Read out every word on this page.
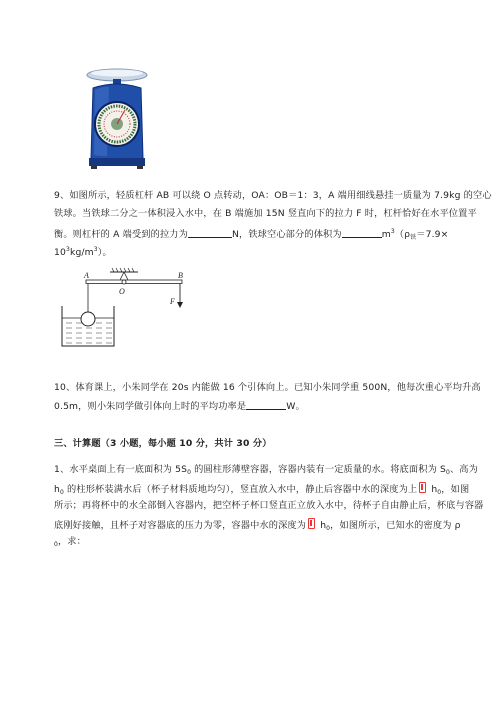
9、如图所示，轻质杠杆 AB 可以绕 O 点转动，OA：OB＝1：3，A 端用细线悬挂一质量为 7.9kg 的空心
铁球。当铁球二分之一体积浸入水中，在 B 端施加 15N 竖直向下的拉力 F 时，杠杆恰好在水平位置平
衡。则杠杆的 A 端受到的拉力为	N，铁球空心部分的体积为	$m^3(\rho_铁=7.9\times$
$10^3kg/m^3$）。
A	B
O
F
10、体育课上，小朱同学在 20s 内能做 16 个引体向上。已知小朱同学重 500N，他每次重心平均升高
0.5m，则小朱同学做引体向上时的平均功率是	W。
三、计算题（3 小题，每小题 10 分，共计 30 分）
1、水平桌面上有一底面积为 $5S_0$ 的圆柱形薄壁容器，容器内装有一定质量的水。将底面积为 $S_0$、高为
$h_0$ 的柱形杯装满水后（杯子材料质地均匀），竖直放入水中，静止后容器中水的深度为上 $h_0$，如图
所示；再将杯中的水全部倒入容器内，把空杯子杯口竖直正立放入水中，待杯子自由静止后，杯底与容器
底刚好接触，且杯子对容器底的压力为零，容器中水的深度为 $h_0$，如图所示，已知水的密度为 ρ
$_0$，求：
